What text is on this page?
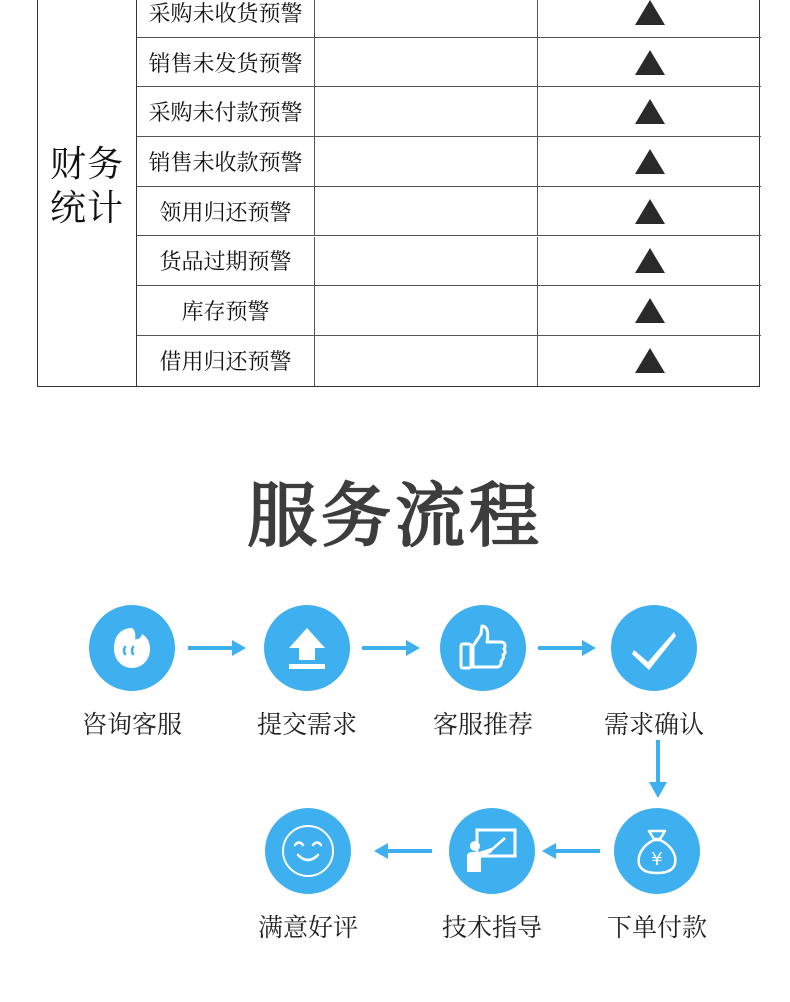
财务统计
采购未收货预警
销售未发货预警
采购未付款预警
销售未收款预警
领用归还预警
货品过期预警
库存预警
借用归还预警
服务流程
咨询客服	提交需求	客服推荐	需求确认
¥
下单付款
技术指导
满意好评
